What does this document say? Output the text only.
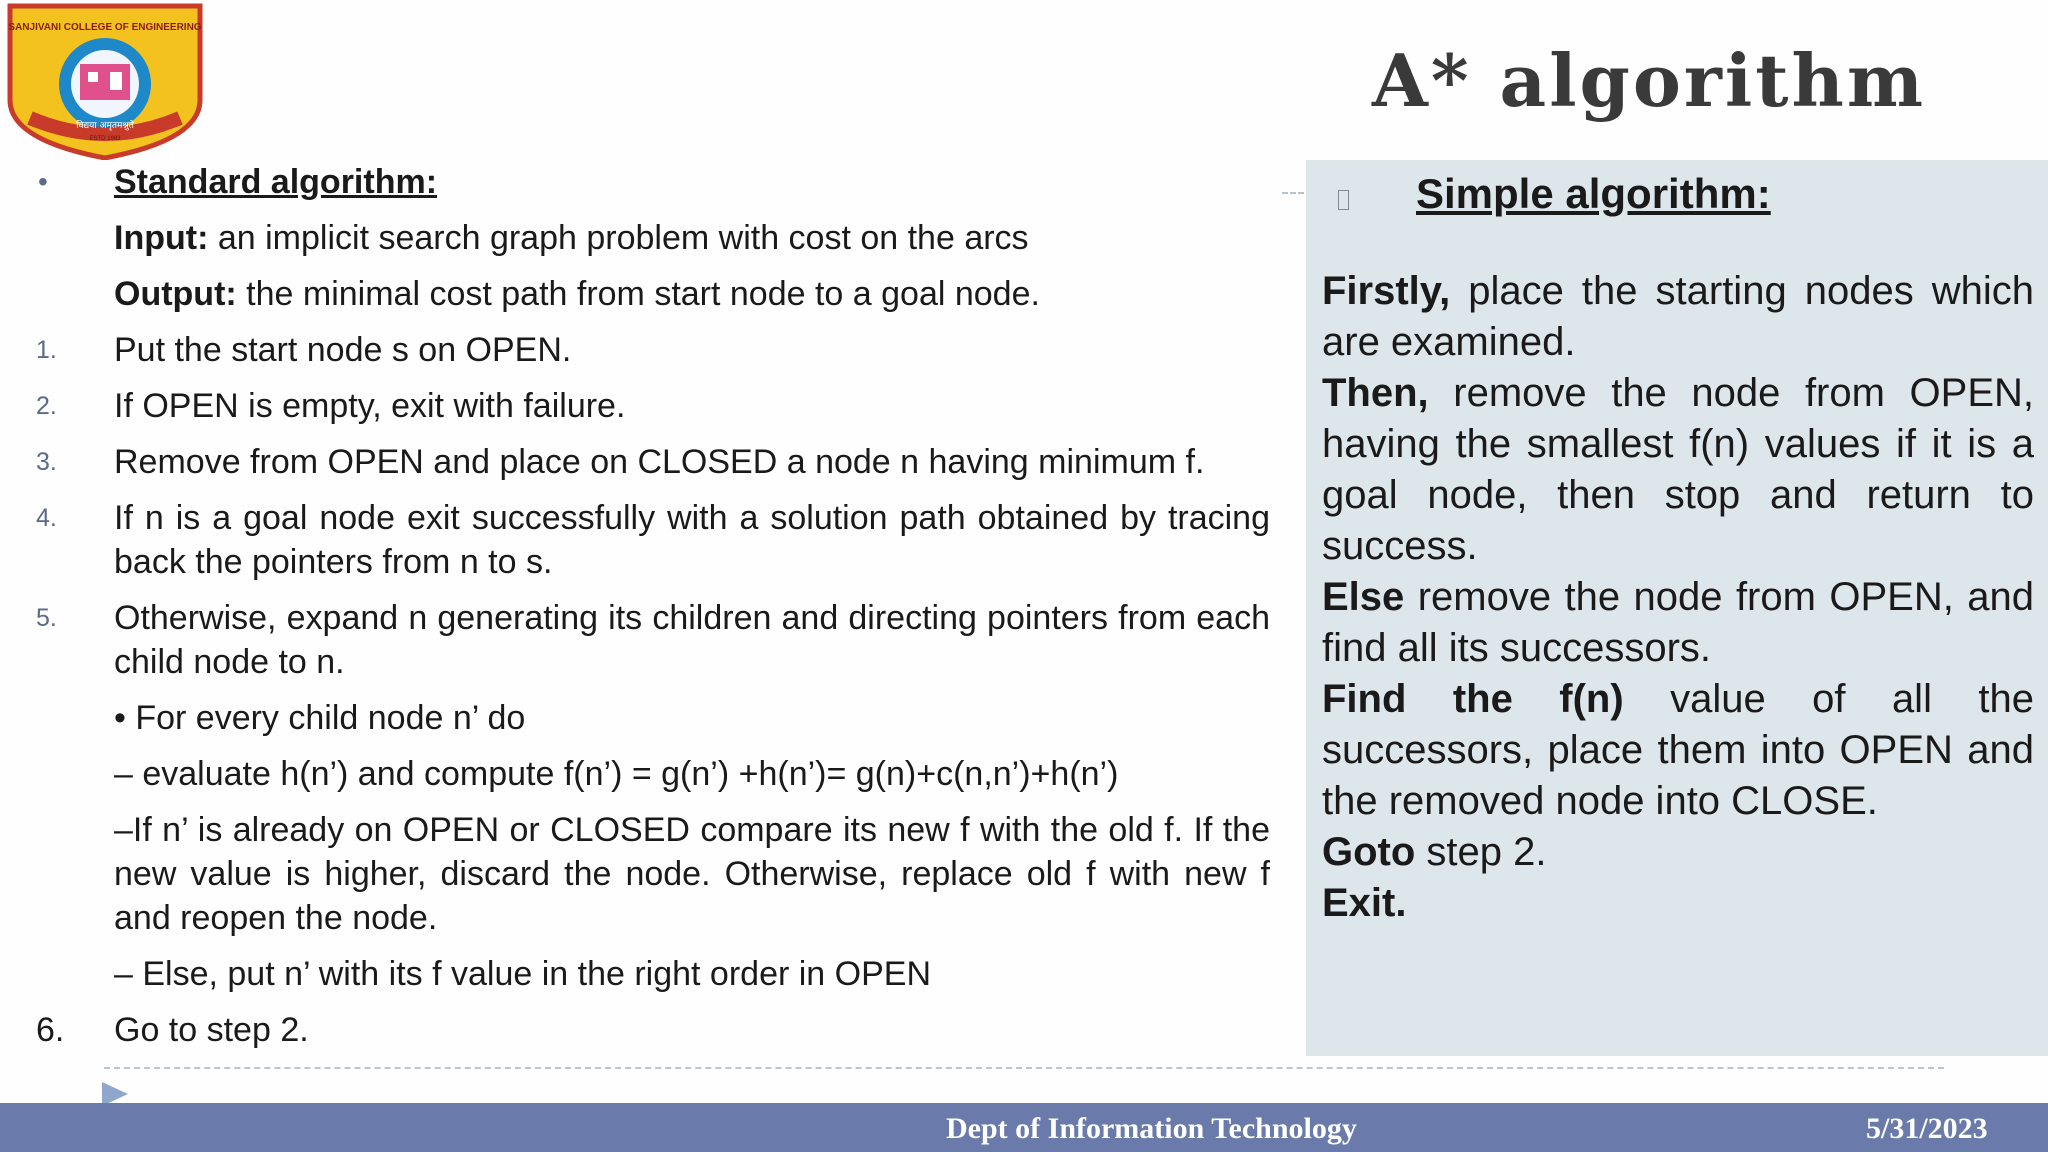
SANJIVANI COLLEGE OF ENGINEERING
विद्यया अमृतमश्नुते
ESTD 1983
A* algorithm
• Standard algorithm:
Input: an implicit search graph problem with cost on the arcs
Output: the minimal cost path from start node to a goal node.
1. Put the start node s on OPEN.
2. If OPEN is empty, exit with failure.
3. Remove from OPEN and place on CLOSED a node n having minimum f.
4. If n is a goal node exit successfully with a solution path obtained by tracing back the pointers from n to s.
5. Otherwise, expand n generating its children and directing pointers from each child node to n.
• For every child node n’ do
– evaluate h(n’) and compute f(n’) = g(n’) +h(n’)= g(n)+c(n,n’)+h(n’)
–If n’ is already on OPEN or CLOSED compare its new f with the old f. If the new value is higher, discard the node. Otherwise, replace old f with new f and reopen the node.
– Else, put n’ with its f value in the right order in OPEN
6. Go to step 2.
Simple algorithm:

Firstly, place the starting nodes which are examined.

Then, remove the node from OPEN, having the smallest f(n) values if it is a goal node, then stop and return to success.

Else remove the node from OPEN, and find all its successors.

Find the f(n) value of all the successors, place them into OPEN and the removed node into CLOSE.

Goto step 2.

Exit.

Dept of Information Technology	5/31/2023
